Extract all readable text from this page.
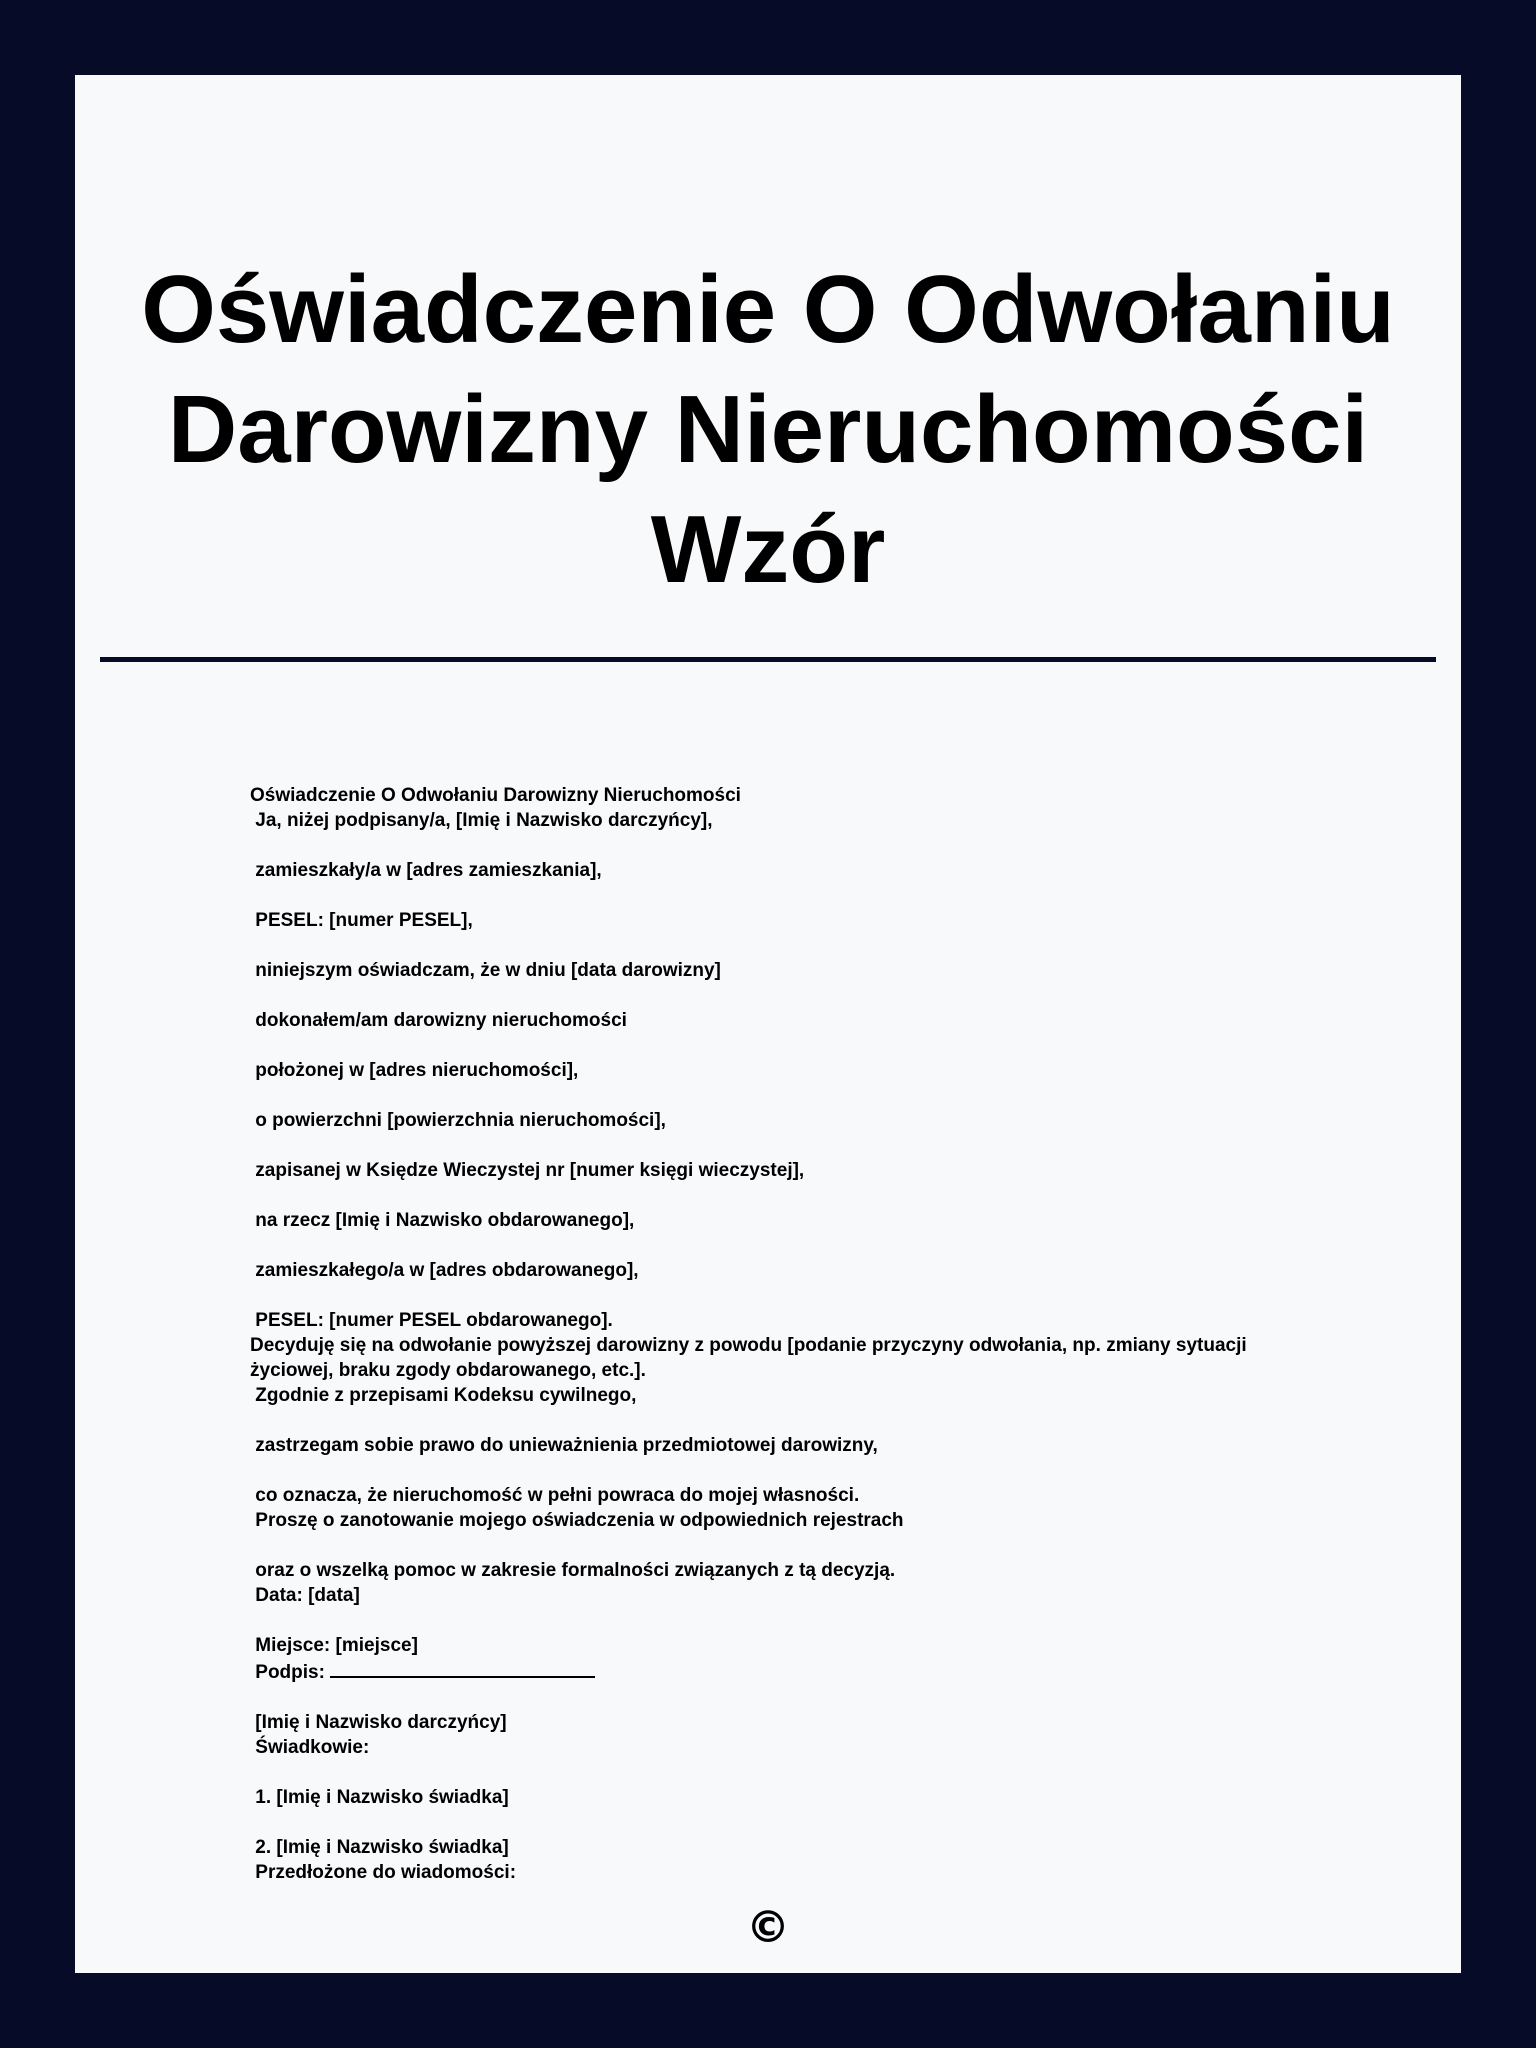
Oświadczenie O Odwołaniu Darowizny Nieruchomości Wzór
Oświadczenie O Odwołaniu Darowizny Nieruchomości
Ja, niżej podpisany/a, [Imię i Nazwisko darczyńcy],

zamieszkały/a w [adres zamieszkania],

PESEL: [numer PESEL],

niniejszym oświadczam, że w dniu [data darowizny]

dokonałem/am darowizny nieruchomości

położonej w [adres nieruchomości],

o powierzchni [powierzchnia nieruchomości],

zapisanej w Księdze Wieczystej nr [numer księgi wieczystej],

na rzecz [Imię i Nazwisko obdarowanego],

zamieszkałego/a w [adres obdarowanego],

PESEL: [numer PESEL obdarowanego].
Decyduję się na odwołanie powyższej darowizny z powodu [podanie przyczyny odwołania, np. zmiany sytuacji życiowej, braku zgody obdarowanego, etc.].
Zgodnie z przepisami Kodeksu cywilnego,

zastrzegam sobie prawo do unieważnienia przedmiotowej darowizny,

co oznacza, że nieruchomość w pełni powraca do mojej własności.
Proszę o zanotowanie mojego oświadczenia w odpowiednich rejestrach

oraz o wszelką pomoc w zakresie formalności związanych z tą decyzją.
Data: [data]

Miejsce: [miejsce]
Podpis:

[Imię i Nazwisko darczyńcy]
Świadkowie:

1. [Imię i Nazwisko świadka]

2. [Imię i Nazwisko świadka]
Przedłożone do wiadomości:
©
